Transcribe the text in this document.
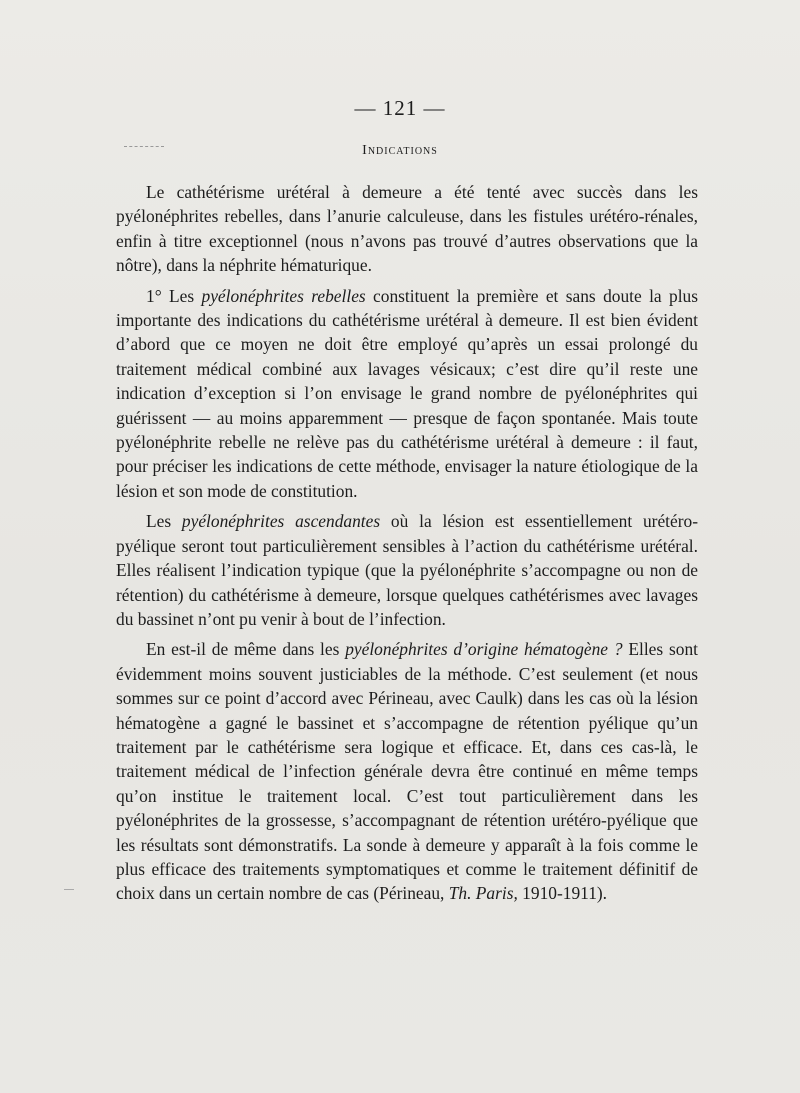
— 121 —
Indications

Le cathétérisme urétéral à demeure a été tenté avec succès dans les pyélonéphrites rebelles, dans l’anurie calculeuse, dans les fistules urétéro-rénales, enfin à titre exceptionnel (nous n’avons pas trouvé d’autres observations que la nôtre), dans la néphrite hématurique.

1° Les pyélonéphrites rebelles constituent la première et sans doute la plus importante des indications du cathétérisme urétéral à demeure. Il est bien évident d’abord que ce moyen ne doit être employé qu’après un essai prolongé du traitement médical combiné aux lavages vésicaux; c’est dire qu’il reste une indication d’exception si l’on envisage le grand nombre de pyélonéphrites qui guérissent — au moins apparemment — presque de façon spontanée. Mais toute pyélonéphrite rebelle ne relève pas du cathétérisme urétéral à demeure : il faut, pour préciser les indications de cette méthode, envisager la nature étiologique de la lésion et son mode de constitution.

Les pyélonéphrites ascendantes où la lésion est essentiellement urétéro-pyélique seront tout particulièrement sensibles à l’action du cathétérisme urétéral. Elles réalisent l’indication typique (que la pyélonéphrite s’accompagne ou non de rétention) du cathétérisme à demeure, lorsque quelques cathétérismes avec lavages du bassinet n’ont pu venir à bout de l’infection.

En est-il de même dans les pyélonéphrites d’origine hématogène ? Elles sont évidemment moins souvent justiciables de la méthode. C’est seulement (et nous sommes sur ce point d’accord avec Périneau, avec Caulk) dans les cas où la lésion hématogène a gagné le bassinet et s’accompagne de rétention pyélique qu’un traitement par le cathétérisme sera logique et efficace. Et, dans ces cas-là, le traitement médical de l’infection générale devra être continué en même temps qu’on institue le traitement local. C’est tout particulièrement dans les pyélonéphrites de la grossesse, s’accompagnant de rétention urétéro-pyélique que les résultats sont démonstratifs. La sonde à demeure y apparaît à la fois comme le plus efficace des traitements symptomatiques et comme le traitement définitif de choix dans un certain nombre de cas (Périneau, Th. Paris, 1910-1911).
